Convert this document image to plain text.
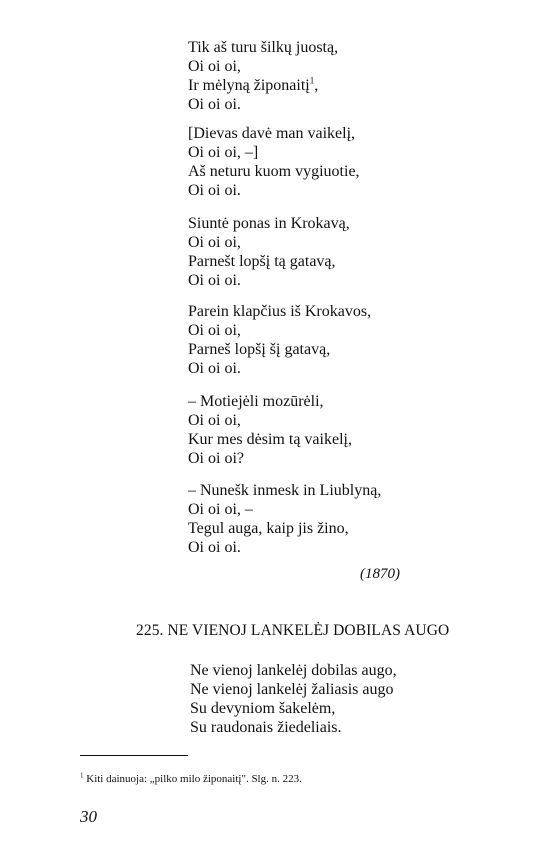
Tik aš turu šilkų juostą,
Oi oi oi,
Ir mėlyną žiponaitį$^1$,
Oi oi oi.
[Dievas davė man vaikelį,
Oi oi oi, –]
Aš neturu kuom vygiuotie,
Oi oi oi.
Siuntė ponas in Krokavą,
Oi oi oi,
Parnešt lopšį tą gatavą,
Oi oi oi.
Parein klapčius iš Krokavos,
Oi oi oi,
Parneš lopšį šį gatavą,
Oi oi oi.
– Motiejėli mozūrėli,
Oi oi oi,
Kur mes dėsim tą vaikelį,
Oi oi oi?
– Nunešk inmesk in Liublyną,
Oi oi oi, –
Tegul auga, kaip jis žino,
Oi oi oi.
(1870)
225. NE VIENOJ LANKELĖJ DOBILAS AUGO
Ne vienoj lankelėj dobilas augo,
Ne vienoj lankelėj žaliasis augo
Su devyniom šakelėm,
Su raudonais žiedeliais.
$^1$ Kiti dainuoja: „pilko milo žiponaitį". Slg. n. 223.
30
